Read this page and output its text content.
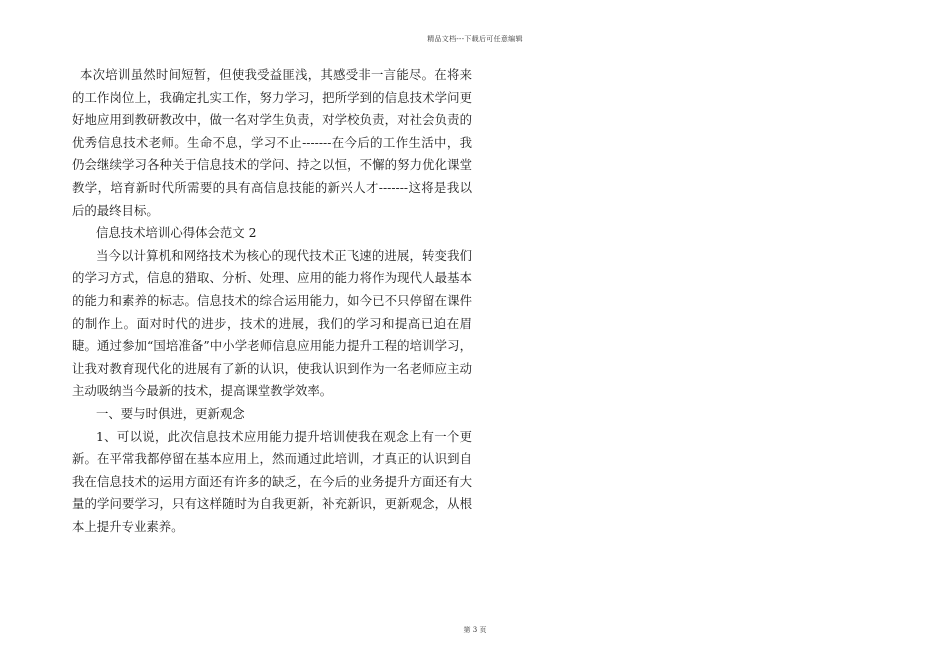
精品文档---下载后可任意编辑

本次培训虽然时间短暂，但使我受益匪浅，其感受非一言能尽。在将来的工作岗位上，我确定扎实工作，努力学习，把所学到的信息技术学问更好地应用到教研教改中，做一名对学生负责，对学校负责，对社会负责的优秀信息技术老师。生命不息，学习不止-------在今后的工作生活中，我仍会继续学习各种关于信息技术的学问、持之以恒，不懈的努力优化课堂教学，培育新时代所需要的具有高信息技能的新兴人才-------这将是我以后的最终目标。

信息技术培训心得体会范文 2

当今以计算机和网络技术为核心的现代技术正飞速的进展，转变我们的学习方式，信息的猎取、分析、处理、应用的能力将作为现代人最基本的能力和素养的标志。信息技术的综合运用能力，如今已不只停留在课件的制作上。面对时代的进步，技术的进展，我们的学习和提高已迫在眉睫。通过参加“国培准备”中小学老师信息应用能力提升工程的培训学习，让我对教育现代化的进展有了新的认识，使我认识到作为一名老师应主动主动吸纳当今最新的技术，提高课堂教学效率。

一、要与时俱进，更新观念

1、可以说，此次信息技术应用能力提升培训使我在观念上有一个更新。在平常我都停留在基本应用上，然而通过此培训，才真正的认识到自我在信息技术的运用方面还有许多的缺乏，在今后的业务提升方面还有大量的学问要学习，只有这样随时为自我更新，补充新识，更新观念，从根本上提升专业素养。

第 3 页
